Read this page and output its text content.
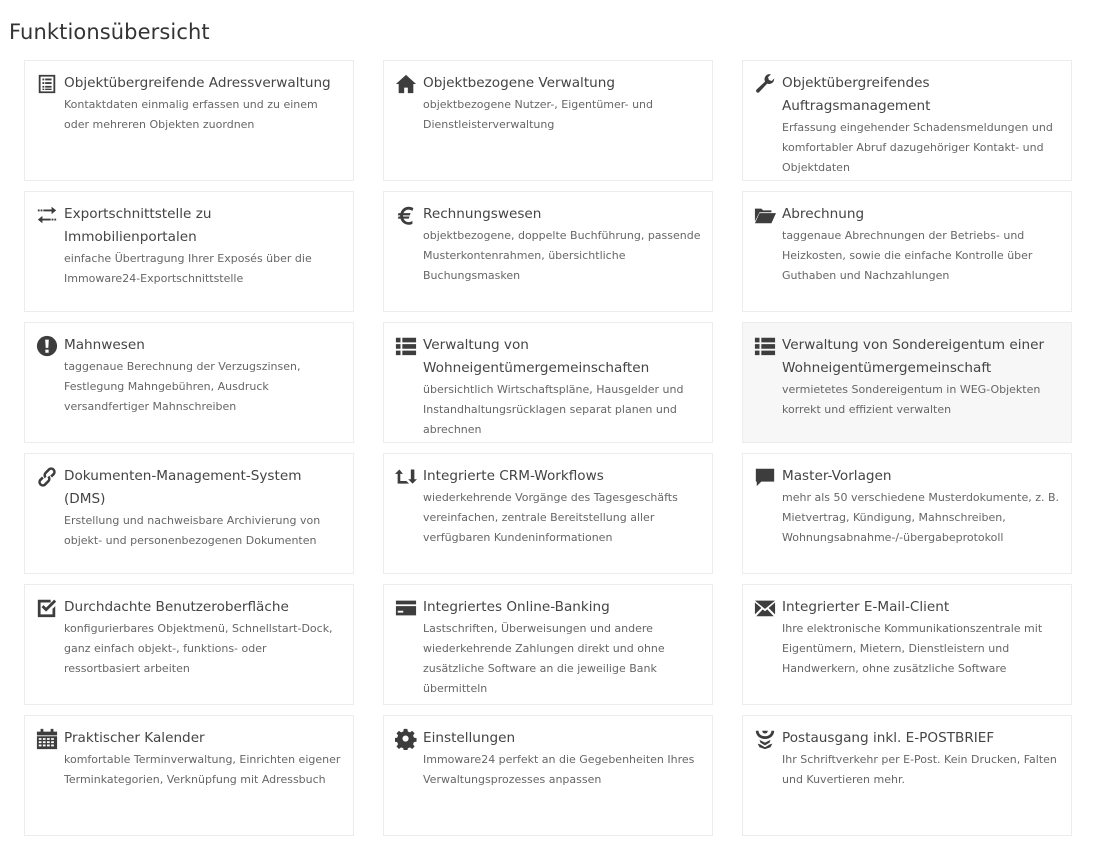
Funktionsübersicht

Objektübergreifende Adressverwaltung

Kontaktdaten einmalig erfassen und zu einem oder mehreren Objekten zuordnen

Objektbezogene Verwaltung

objektbezogene Nutzer-, Eigentümer- und Dienstleisterverwaltung

Objektübergreifendes Auftragsmanagement

Erfassung eingehender Schadensmeldungen und komfortabler Abruf dazugehöriger Kontakt- und Objektdaten

Exportschnittstelle zu Immobilienportalen

einfache Übertragung Ihrer Exposés über die Immoware24-Exportschnittstelle

Rechnungswesen

objektbezogene, doppelte Buchführung, passende Musterkontenrahmen, übersichtliche Buchungsmasken

Abrechnung

taggenaue Abrechnungen der Betriebs- und Heizkosten, sowie die einfache Kontrolle über Guthaben und Nachzahlungen

Mahnwesen

taggenaue Berechnung der Verzugszinsen, Festlegung Mahngebühren, Ausdruck versandfertiger Mahnschreiben

Verwaltung von Wohneigentümergemeinschaften

übersichtlich Wirtschaftspläne, Hausgelder und Instandhaltungsrücklagen separat planen und abrechnen

Verwaltung von Sondereigentum einer Wohneigentümergemeinschaft

vermietetes Sondereigentum in WEG-Objekten korrekt und effizient verwalten

Dokumenten-Management-System (DMS)

Erstellung und nachweisbare Archivierung von objekt- und personenbezogenen Dokumenten

Integrierte CRM-Workflows

wiederkehrende Vorgänge des Tagesgeschäfts vereinfachen, zentrale Bereitstellung aller verfügbaren Kundeninformationen

Master-Vorlagen

mehr als 50 verschiedene Musterdokumente, z. B. Mietvertrag, Kündigung, Mahnschreiben, Wohnungsabnahme-/-übergabeprotokoll

Durchdachte Benutzeroberfläche

konfigurierbares Objektmenü, Schnellstart-Dock, ganz einfach objekt-, funktions- oder ressortbasiert arbeiten

Integriertes Online-Banking

Lastschriften, Überweisungen und andere wiederkehrende Zahlungen direkt und ohne zusätzliche Software an die jeweilige Bank übermitteln

Integrierter E-Mail-Client

Ihre elektronische Kommunikationszentrale mit Eigentümern, Mietern, Dienstleistern und Handwerkern, ohne zusätzliche Software

Praktischer Kalender

komfortable Terminverwaltung, Einrichten eigener Terminkategorien, Verknüpfung mit Adressbuch

Einstellungen

Immoware24 perfekt an die Gegebenheiten Ihres Verwaltungsprozesses anpassen

Postausgang inkl. E-POSTBRIEF

Ihr Schriftverkehr per E-Post. Kein Drucken, Falten und Kuvertieren mehr.
